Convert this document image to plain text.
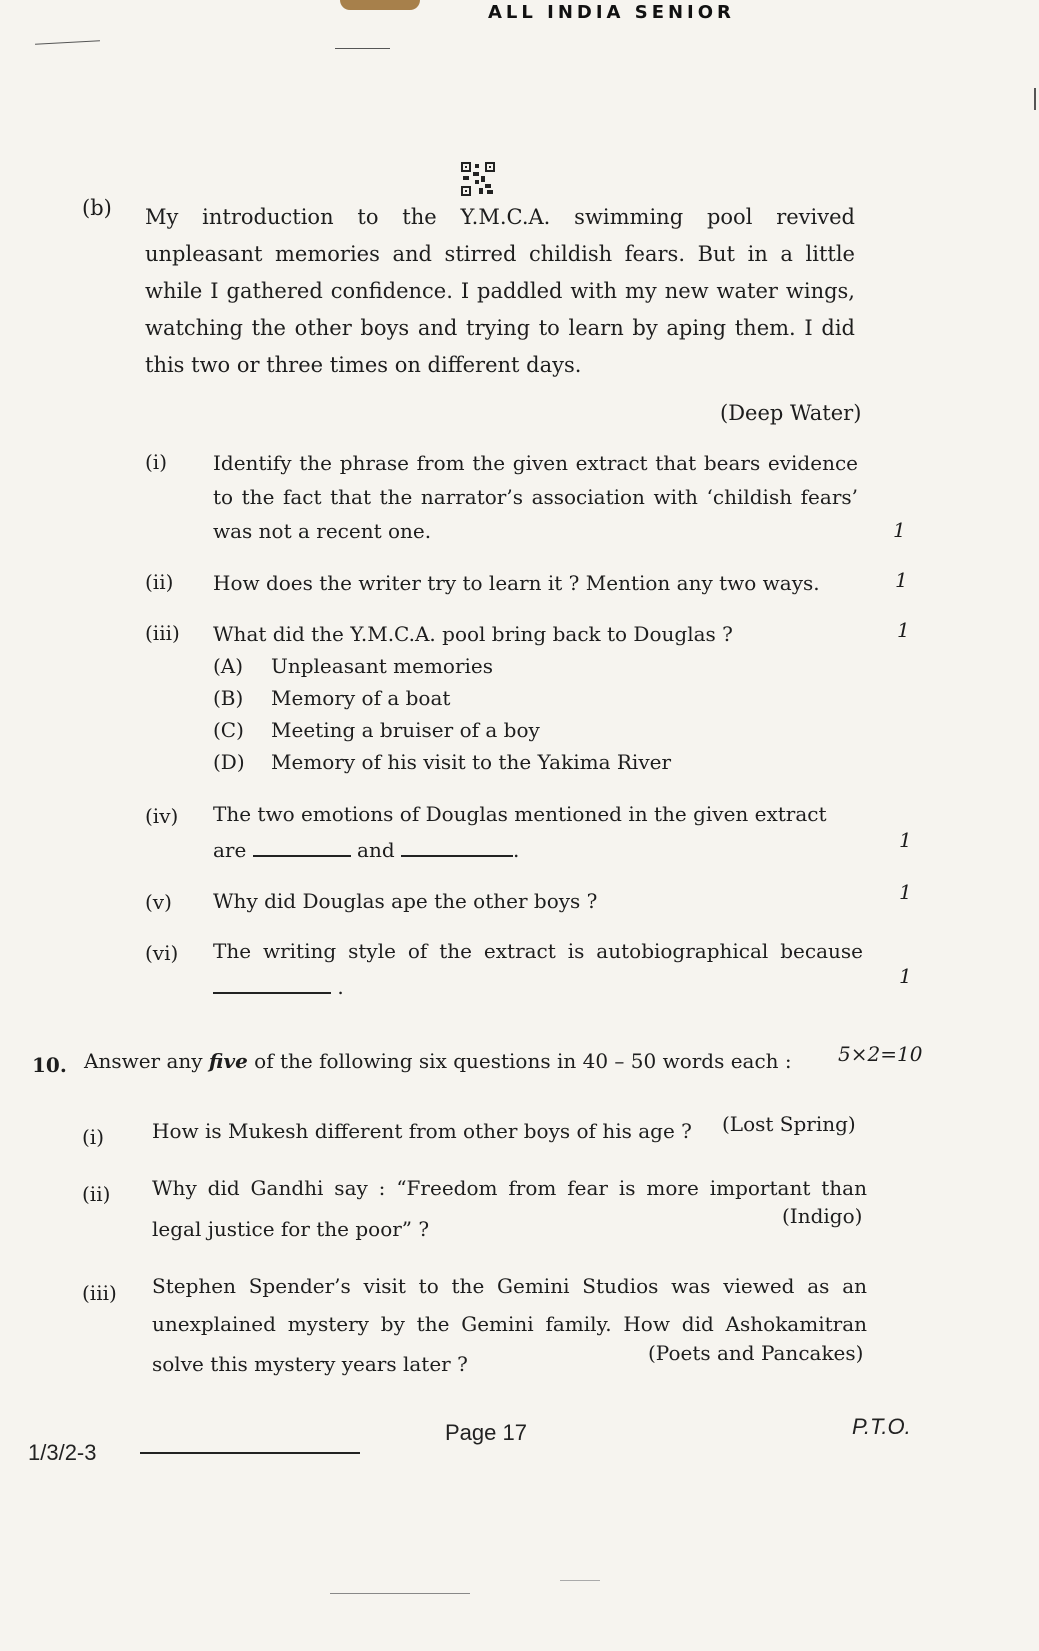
ALL INDIA SENIOR
(b) My introduction to the Y.M.C.A. swimming pool revived unpleasant memories and stirred childish fears. But in a little while I gathered confidence. I paddled with my new water wings, watching the other boys and trying to learn by aping them. I did this two or three times on different days.
(Deep Water)
(i) Identify the phrase from the given extract that bears evidence to the fact that the narrator’s association with ‘childish fears’ was not a recent one.	1
(ii) How does the writer try to learn it ? Mention any two ways.	1
(iii) What did the Y.M.C.A. pool bring back to Douglas ?	1
(A) Unpleasant memories
(B) Memory of a boat
(C) Meeting a bruiser of a boy
(D) Memory of his visit to the Yakima River
(iv) The two emotions of Douglas mentioned in the given extract
are	and	.	1
(v) Why did Douglas ape the other boys ?	1
(vi) The writing style of the extract is autobiographical because
.	1
10. Answer any five of the following six questions in 40 – 50 words each : 5×2=10
(i) How is Mukesh different from other boys of his age ? (Lost Spring)
(ii) Why did Gandhi say : “Freedom from fear is more important than
legal justice for the poor” ?
(Indigo)
(iii) Stephen Spender’s visit to the Gemini Studios was viewed as an
unexplained mystery by the Gemini family. How did Ashokamitran
solve this mystery years later ?	(Poets and Pancakes)
1/3/2-3
Page 17	P.T.O.
